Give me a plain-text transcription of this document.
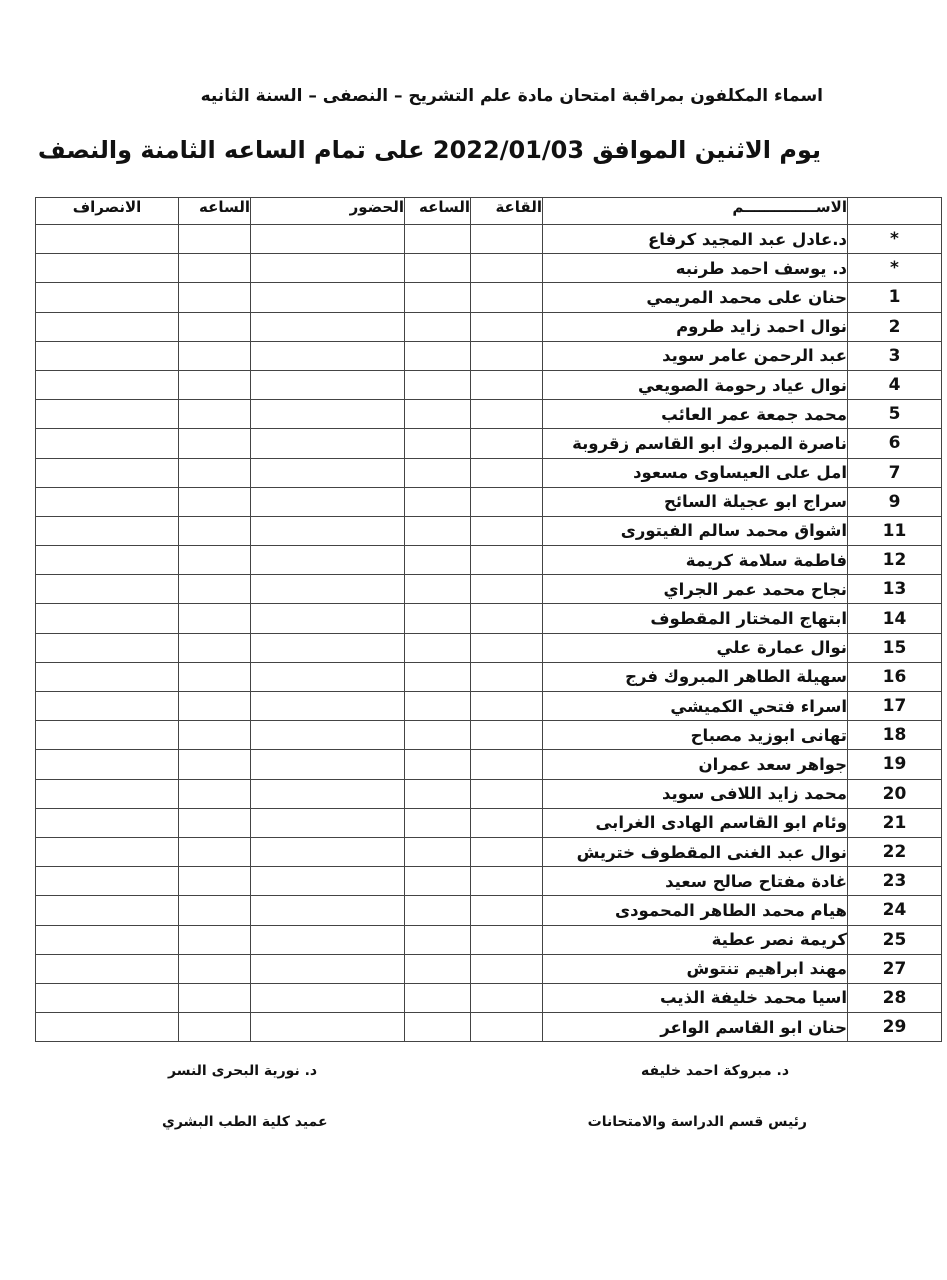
اسماء المكلفون بمراقبة امتحان مادة علم التشريح – النصفى – السنة الثانيه
يوم الاثنين الموافق 2022/01/03 على تمام الساعه الثامنة والنصف
الانصراف	الساعه	الحضور	الساعه	القاعة	الاســــــــــــــم	
					د.عادل عبد المجيد كرفاع	*
					د. يوسف احمد طرنبه	*
					حنان على محمد المريمي	1
					نوال احمد زايد طروم	2
					عبد الرحمن عامر سويد	3
					نوال عياد رحومة الصويعي	4
					محمد جمعة عمر العائب	5
					ناصرة المبروك ابو القاسم زقروبة	6
					امل على العيساوى مسعود	7
					سراج ابو عجيلة السائح	9
					اشواق محمد سالم الفيتورى	11
					فاطمة سلامة كريمة	12
					نجاح محمد عمر الجراي	13
					ابتهاج المختار المقطوف	14
					نوال عمارة علي	15
					سهيلة الطاهر المبروك فرج	16
					اسراء فتحي الكميشي	17
					تهانى ابوزيد مصباح	18
					جواهر سعد عمران	19
					محمد زايد اللافى سويد	20
					وئام ابو القاسم الهادى الغرابى	21
					نوال عبد الغنى المقطوف ختريش	22
					غادة مفتاح صالح سعيد	23
					هيام محمد الطاهر المحمودى	24
					كريمة نصر عطية	25
					مهند ابراهيم تنتوش	27
					اسيا محمد خليفة الذيب	28
					حنان ابو القاسم الواعر	29
د. مبروكة احمد خليفه
رئيس قسم الدراسة والامتحانات
د. نورية البحرى النسر
عميد كلية الطب البشري
